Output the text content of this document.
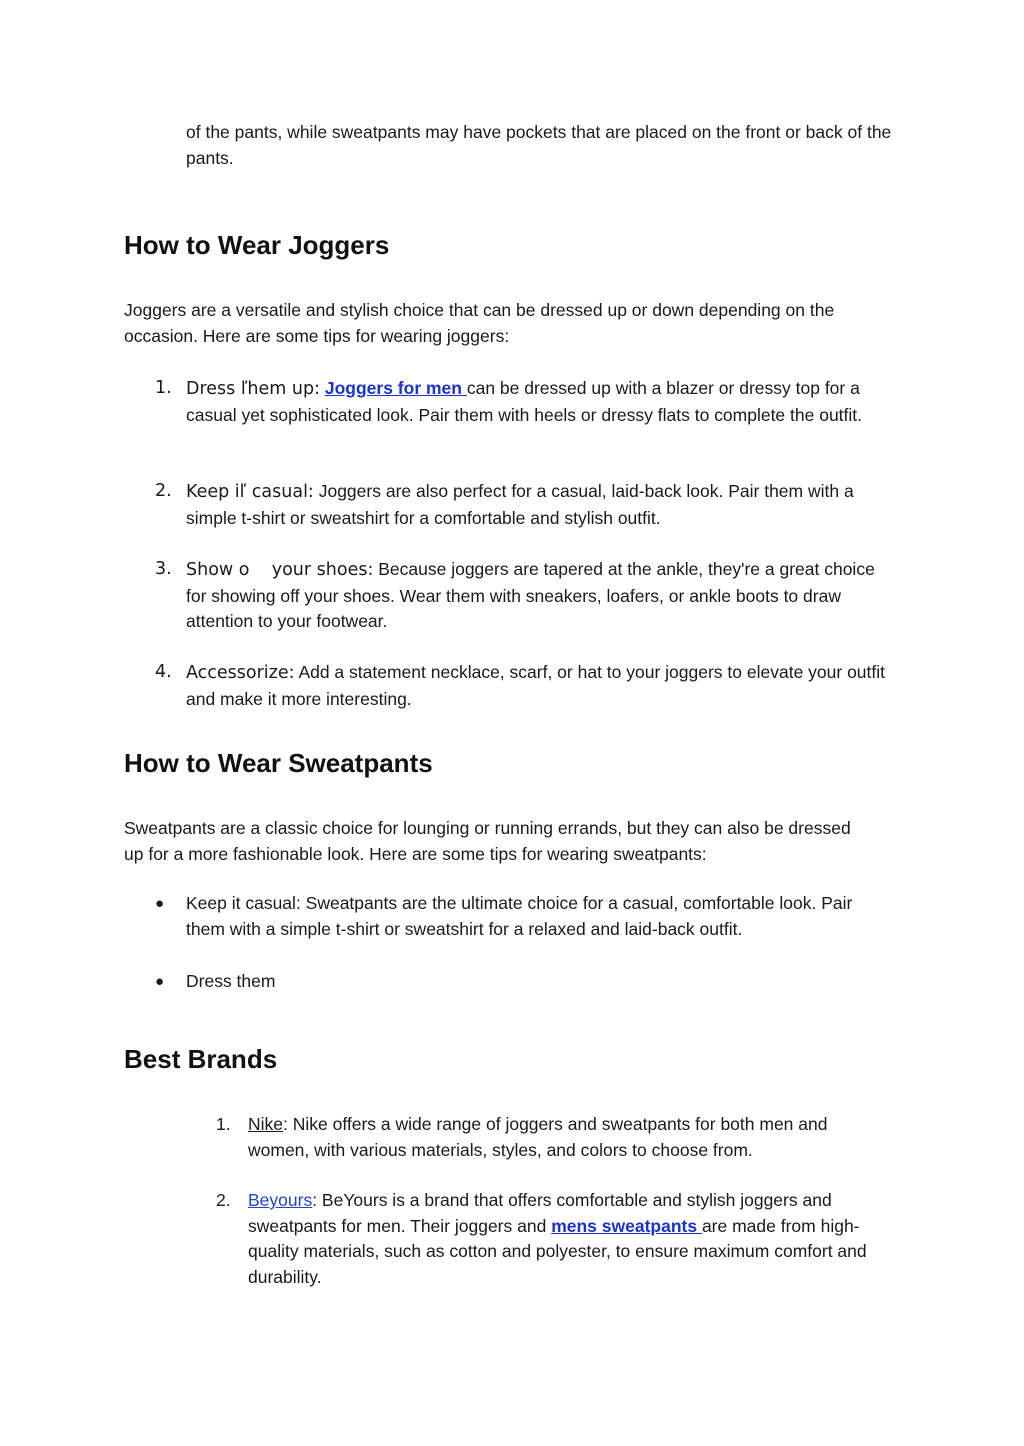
of the pants, while sweatpants may have pockets that are placed on the front or back of the pants.

How to Wear Joggers

Joggers are a versatile and stylish choice that can be dressed up or down depending on the occasion. Here are some tips for wearing joggers:

1. Dress ľhem up: Joggers for men can be dressed up with a blazer or dressy top for a casual yet sophisticated look. Pair them with heels or dressy flats to complete the outfit.

2. Keep iľ casual: Joggers are also perfect for a casual, laid-back look. Pair them with a simple t-shirt or sweatshirt for a comfortable and stylish outfit.

3. Show o    your shoes: Because joggers are tapered at the ankle, they're a great choice for showing off your shoes. Wear them with sneakers, loafers, or ankle boots to draw attention to your footwear.

4. Accessorize: Add a statement necklace, scarf, or hat to your joggers to elevate your outfit and make it more interesting.

How to Wear Sweatpants

Sweatpants are a classic choice for lounging or running errands, but they can also be dressed up for a more fashionable look. Here are some tips for wearing sweatpants:

● Keep it casual: Sweatpants are the ultimate choice for a casual, comfortable look. Pair them with a simple t-shirt or sweatshirt for a relaxed and laid-back outfit.

● Dress them

Best Brands
1. Nike: Nike offers a wide range of joggers and sweatpants for both men and women, with various materials, styles, and colors to choose from.

2. Beyours: BeYours is a brand that offers comfortable and stylish joggers and sweatpants for men. Their joggers and mens sweatpants are made from high-quality materials, such as cotton and polyester, to ensure maximum comfort and durability.
